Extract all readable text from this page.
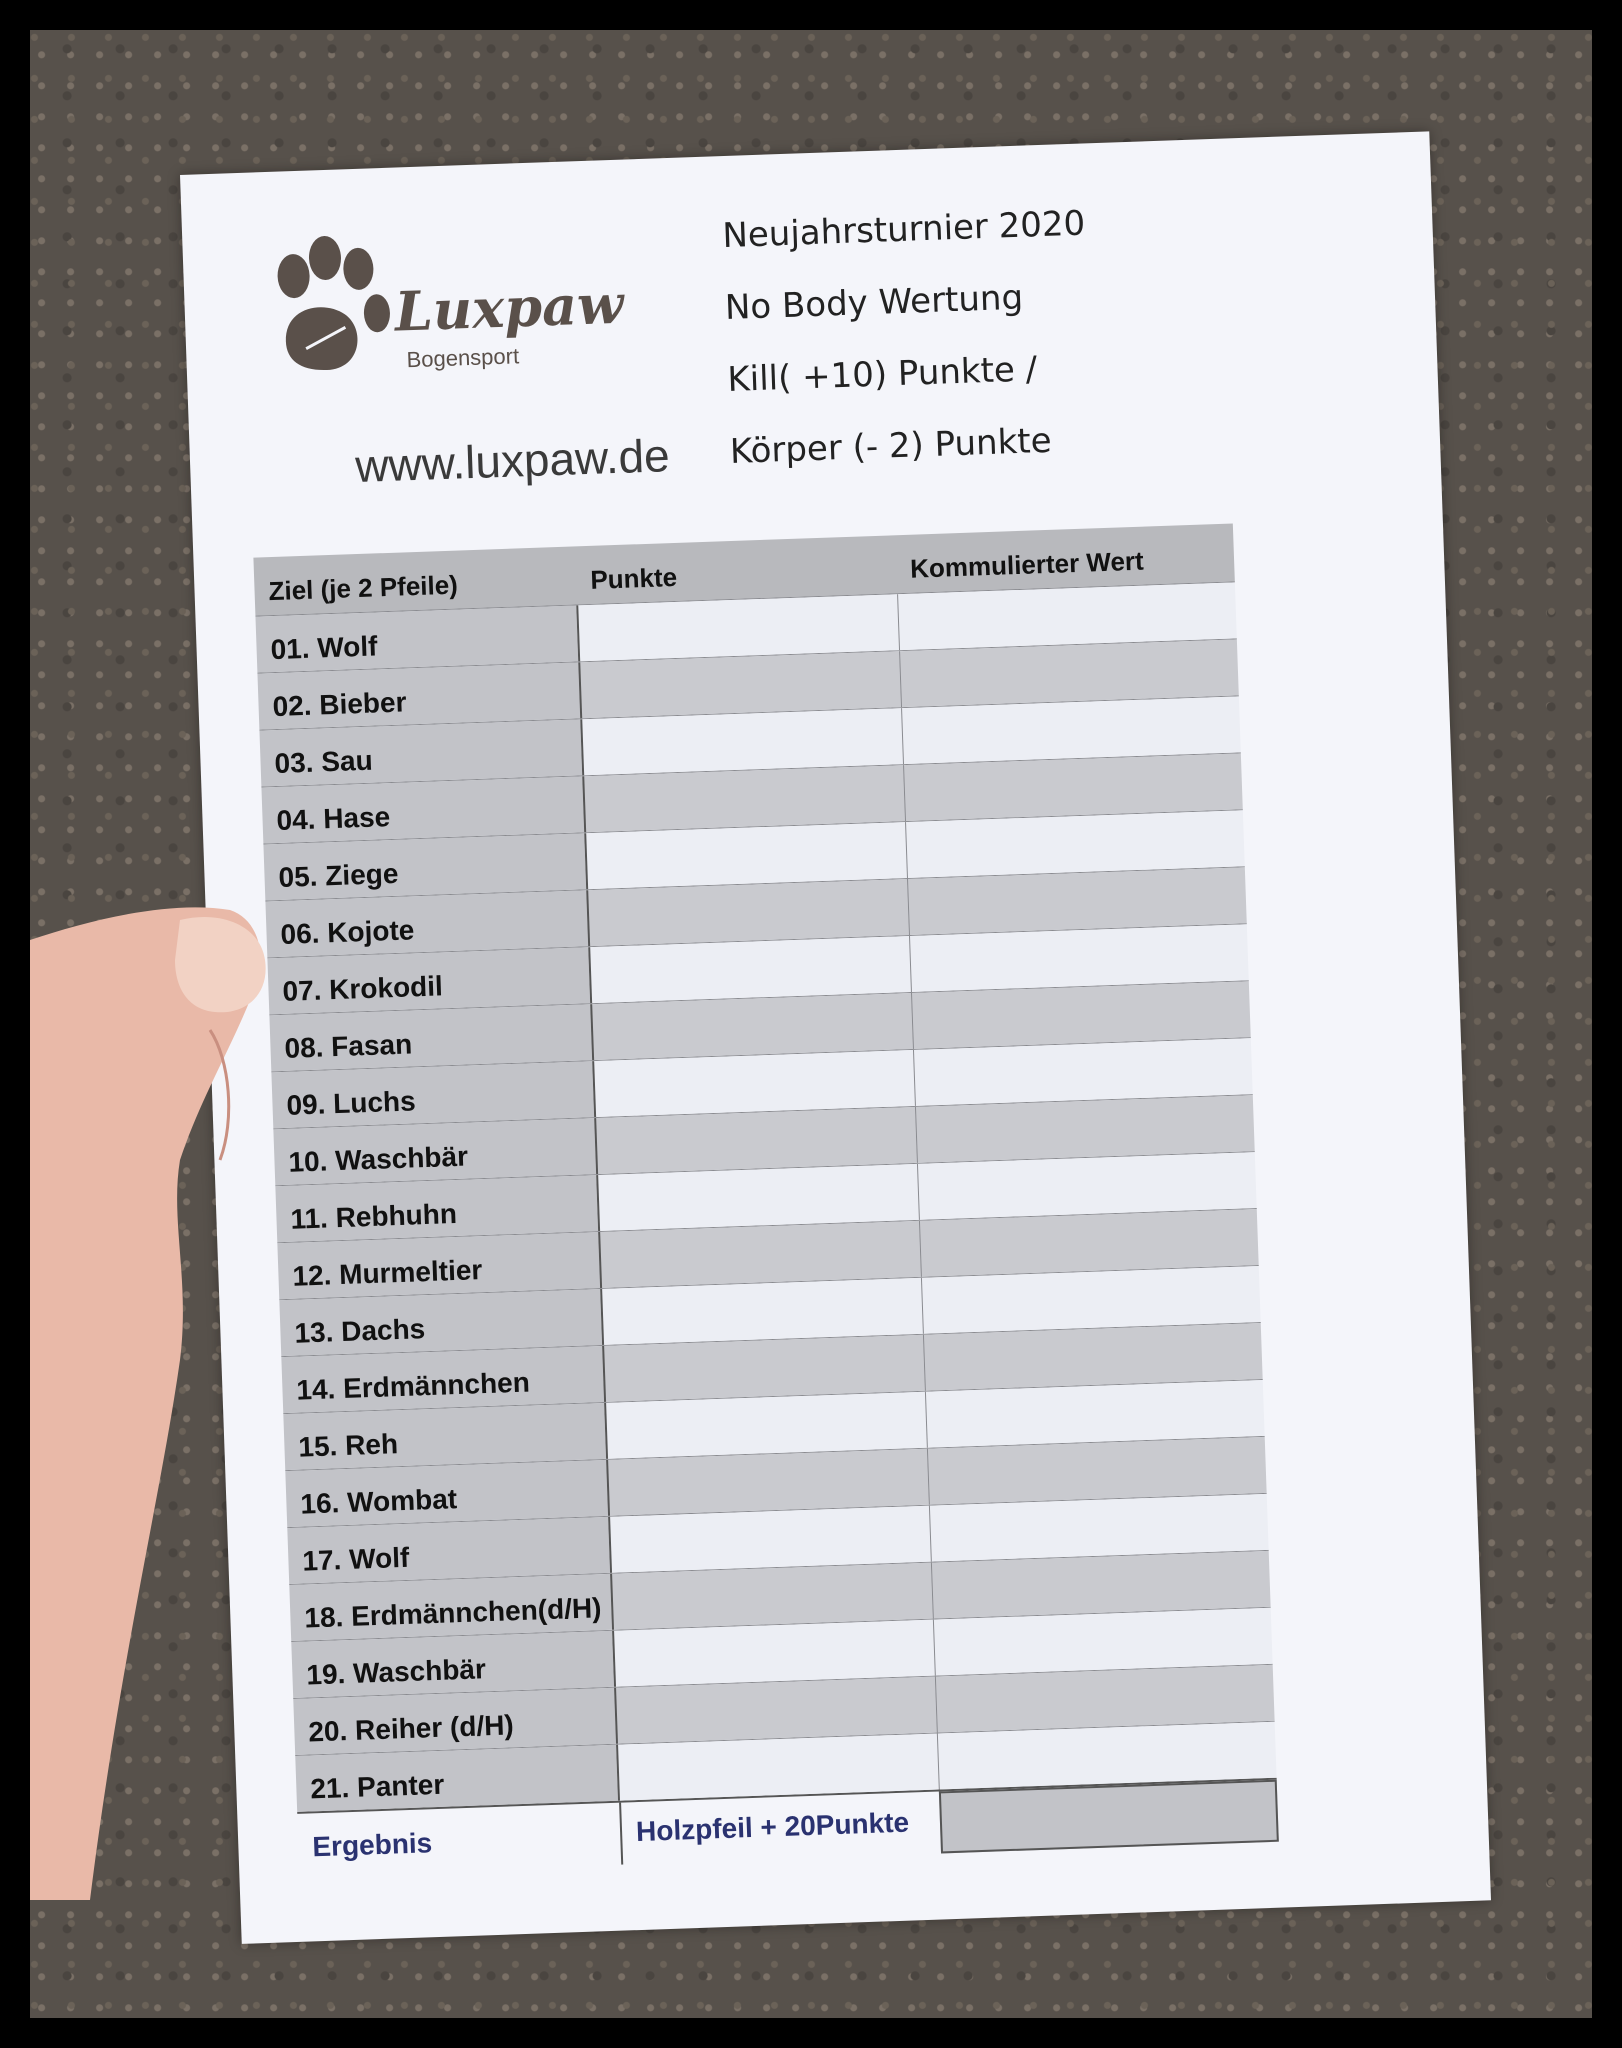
Luxpaw
Bogensport
www.luxpaw.de
Neujahrsturnier 2020
No Body Wertung
Kill( +10) Punkte /
Körper (- 2) Punkte
Ziel (je 2 Pfeile)	Punkte	Kommulierter Wert
01. Wolf
02. Bieber
03. Sau
04. Hase
05. Ziege
06. Kojote
07. Krokodil
08. Fasan
09. Luchs
10. Waschbär
11. Rebhuhn
12. Murmeltier
13. Dachs
14. Erdmännchen
15. Reh
16. Wombat
17. Wolf
18. Erdmännchen(d/H)
19. Waschbär
20. Reiher (d/H)
21. Panter
Ergebnis	Holzpfeil + 20Punkte
